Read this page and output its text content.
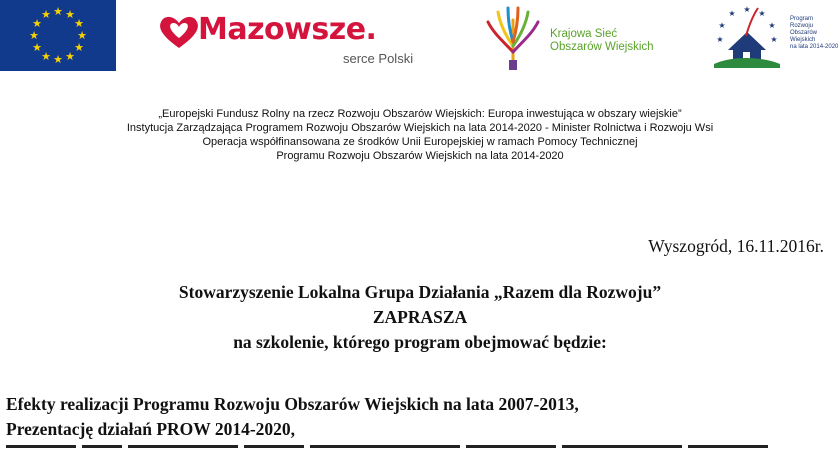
★ ★
★
★
★
★
★
★
★
★
★
★	Mazowsze.
serce Polski
Krajowa Sieć
Obszarów Wiejskich
★ ★
★
★
★
★
★
Program
Rozwoju
Obszarów
Wiejskich
na lata 2014-2020
„Europejski Fundusz Rolny na rzecz Rozwoju Obszarów Wiejskich: Europa inwestująca w obszary wiejskie”
Instytucja Zarządzająca Programem Rozwoju Obszarów Wiejskich na lata 2014-2020 - Minister Rolnictwa i Rozwoju Wsi
Operacja współfinansowana ze środków Unii Europejskiej w ramach Pomocy Technicznej
Programu Rozwoju Obszarów Wiejskich na lata 2014-2020
Wyszogród, 16.11.2016r.
Stowarzyszenie Lokalna Grupa Działania „Razem dla Rozwoju”
ZAPRASZA
na szkolenie, którego program obejmować będzie:
Efekty realizacji Programu Rozwoju Obszarów Wiejskich na lata 2007-2013,
Prezentację działań PROW 2014-2020,
